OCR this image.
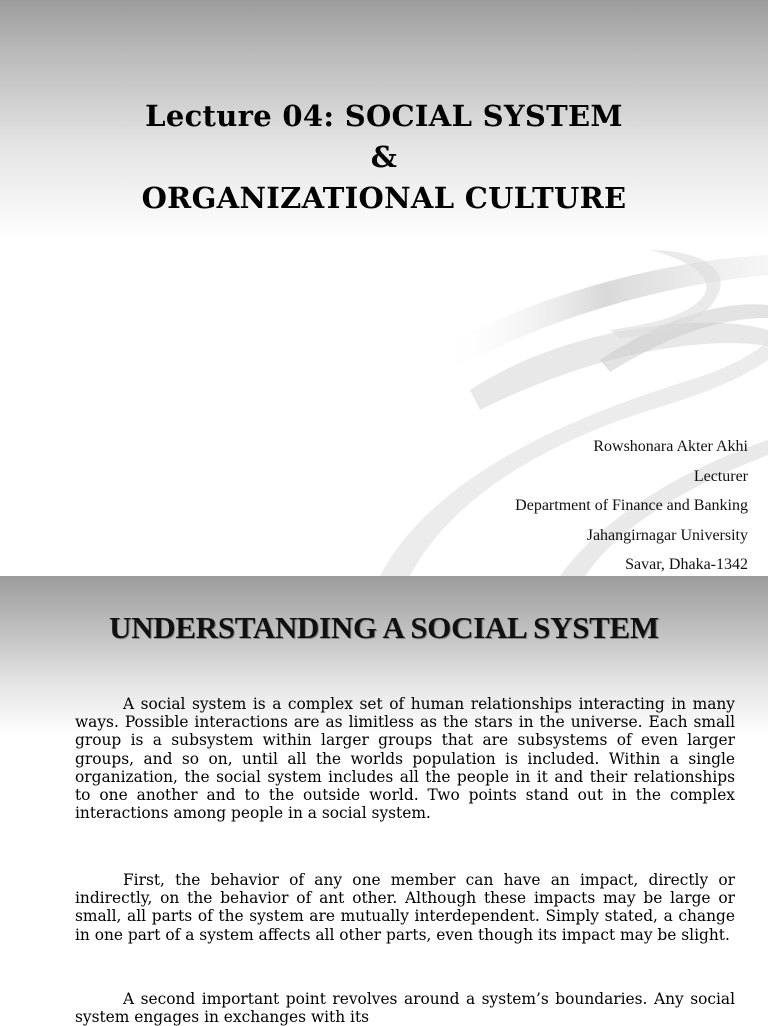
Lecture 04: SOCIAL SYSTEM
&
ORGANIZATIONAL CULTURE
Rowshonara Akter Akhi
Lecturer
Department of Finance and Banking
Jahangirnagar University
Savar, Dhaka-1342
UNDERSTANDING A SOCIAL SYSTEM
A social system is a complex set of human relationships interacting in many ways. Possible interactions are as limitless as the stars in the universe. Each small group is a subsystem within larger groups that are subsystems of even larger groups, and so on, until all the worlds population is included. Within a single organization, the social system includes all the people in it and their relationships to one another and to the outside world. Two points stand out in the complex interactions among people in a social system.
First, the behavior of any one member can have an impact, directly or indirectly, on the behavior of ant other. Although these impacts may be large or small, all parts of the system are mutually interdependent. Simply stated, a change in one part of a system affects all other parts, even though its impact may be slight.
A second important point revolves around a system’s boundaries. Any social system engages in exchanges with its
